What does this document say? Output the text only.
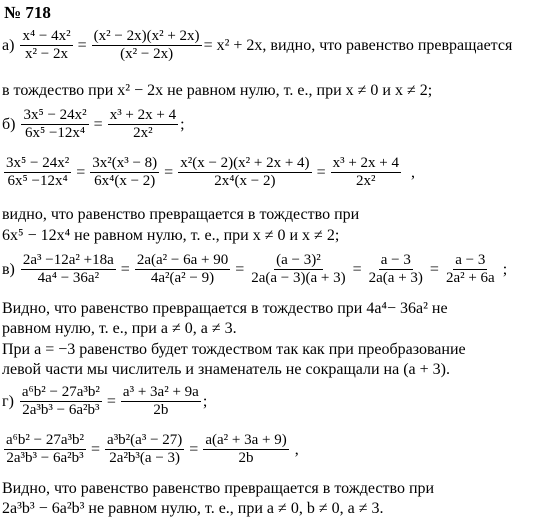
№ 718
$а) \frac{\text{x⁴ − 4x²}}{\text{x² − 2x}} = \frac{\text{(x² − 2x)(x² + 2x)}}{\text{(x² − 2x)}} = x^2 + 2x$, видно, что равенство превращается
в тождество при x² − 2x не равном нулю, т. е., при x ≠ 0 и x ≠ 2;
$б) \frac{\text{3x⁵ − 24x²}}{\text{6x⁵ −12x⁴}} = \frac{\text{x³ + 2x + 4}}{\text{2x²}}$ ;
$\frac{\text{3x⁵ − 24x²}}{\text{6x⁵ −12x⁴}} = \frac{\text{3x²(x³ − 8)}}{\text{6x⁴(x − 2)}} = \frac{\text{x²(x − 2)(x² + 2x + 4)}}{\text{2x⁴(x − 2)}} = \frac{\text{x³ + 2x + 4}}{\text{2x²}}$ ,
видно, что равенство превращается в тождество при
6x⁵ − 12x⁴ не равном нулю, т. е., при x ≠ 0 и x ≠ 2;
$в) \frac{\text{2a³ −12a² +18a}}{\text{4a⁴ − 36a²}} = \frac{\text{2a(a² − 6a + 90}}{\text{4a²(a² − 9)}} = \frac{\text{(a − 3)²}}{2a(a - 3)(a + 3)} = \frac{a - 3}{2a(a + 3)} = \frac{a - 3}{\text{2a² + 6a}}$ ;
Видно, что равенство превращается в тождество при 4a⁴− 36a² не
равном нулю, т. е., при a ≠ 0, a ≠ 3.
При a = −3 равенство будет тождеством так как при преобразование
левой части мы числитель и знаменатель не сокращали на (a + 3).
$г) \frac{\text{a⁶b² − 27a³b²}}{\text{2a³b³ − 6a²b³}} = \frac{\text{a³ + 3a² + 9a}}{2b}$ ;
$\frac{\text{a⁶b² − 27a³b²}}{\text{2a³b³ − 6a²b³}} = \frac{\text{a³b²(a³ − 27)}}{\text{2a²b³(a − 3)}} = \frac{\text{a(a² + 3a + 9)}}{2b}$ ,
Видно, что равенство равенство превращается в тождество при
2a³b³ − 6a²b³ не равном нулю, т. е., при a ≠ 0, b ≠ 0, a ≠ 3.
